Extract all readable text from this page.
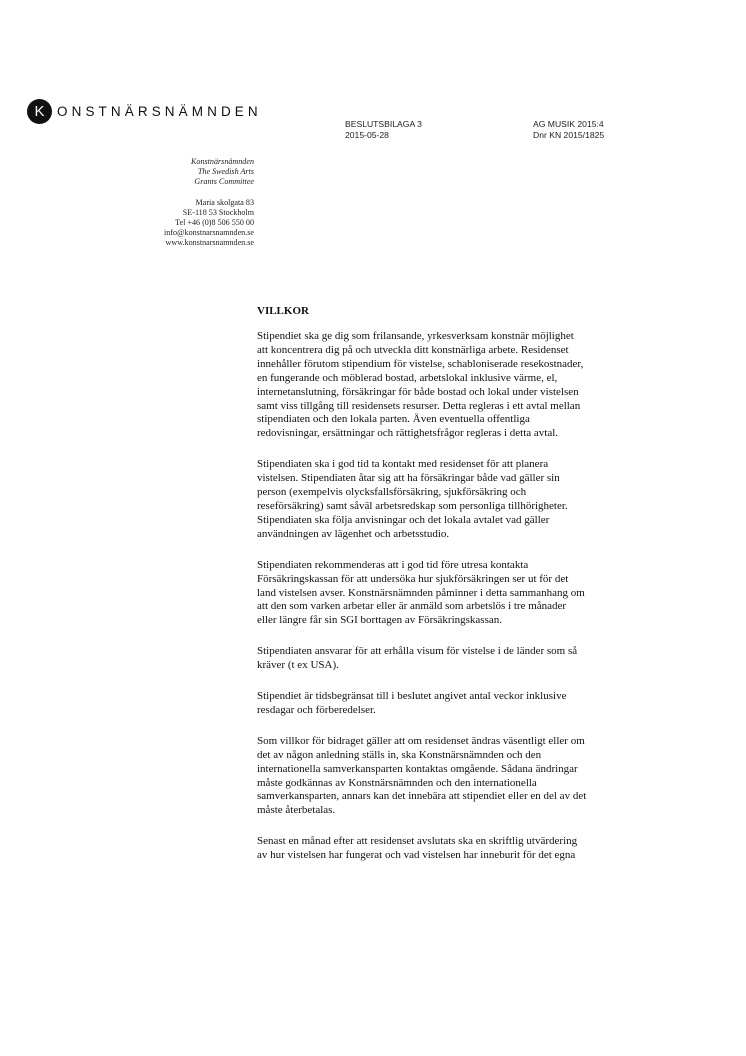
K ONSTNÄRSNÄMNDEN
BESLUTSBILAGA 3
2015-05-28
AG MUSIK 2015:4
Dnr KN 2015/1825
Konstnärsnämnden
The Swedish Arts
Grants Committee
Maria skolgata 83
SE-118 53 Stockholm
Tel +46 (0)8 506 550 00
info@konstnarsnamnden.se
www.konstnarsnamnden.se
VILLKOR
Stipendiet ska ge dig som frilansande, yrkesverksam konstnär möjlighet
att koncentrera dig på och utveckla ditt konstnärliga arbete. Residenset
innehåller förutom stipendium för vistelse, schabloniserade resekostnader,
en fungerande och möblerad bostad, arbetslokal inklusive värme, el,
internetanslutning, försäkringar för både bostad och lokal under vistelsen
samt viss tillgång till residensets resurser. Detta regleras i ett avtal mellan
stipendiaten och den lokala parten. Även eventuella offentliga
redovisningar, ersättningar och rättighetsfrågor regleras i detta avtal.
Stipendiaten ska i god tid ta kontakt med residenset för att planera
vistelsen. Stipendiaten åtar sig att ha försäkringar både vad gäller sin
person (exempelvis olycksfallsförsäkring, sjukförsäkring och
reseförsäkring) samt såväl arbetsredskap som personliga tillhörigheter.
Stipendiaten ska följa anvisningar och det lokala avtalet vad gäller
användningen av lägenhet och arbetsstudio.
Stipendiaten rekommenderas att i god tid före utresa kontakta
Försäkringskassan för att undersöka hur sjukförsäkringen ser ut för det
land vistelsen avser. Konstnärsnämnden påminner i detta sammanhang om
att den som varken arbetar eller är anmäld som arbetslös i tre månader
eller längre får sin SGI borttagen av Försäkringskassan.
Stipendiaten ansvarar för att erhålla visum för vistelse i de länder som så
kräver (t ex USA).
Stipendiet är tidsbegränsat till i beslutet angivet antal veckor inklusive
resdagar och förberedelser.
Som villkor för bidraget gäller att om residenset ändras väsentligt eller om
det av någon anledning ställs in, ska Konstnärsnämnden och den
internationella samverkansparten kontaktas omgående. Sådana ändringar
måste godkännas av Konstnärsnämnden och den internationella
samverkansparten, annars kan det innebära att stipendiet eller en del av det
måste återbetalas.
Senast en månad efter att residenset avslutats ska en skriftlig utvärdering
av hur vistelsen har fungerat och vad vistelsen har inneburit för det egna
